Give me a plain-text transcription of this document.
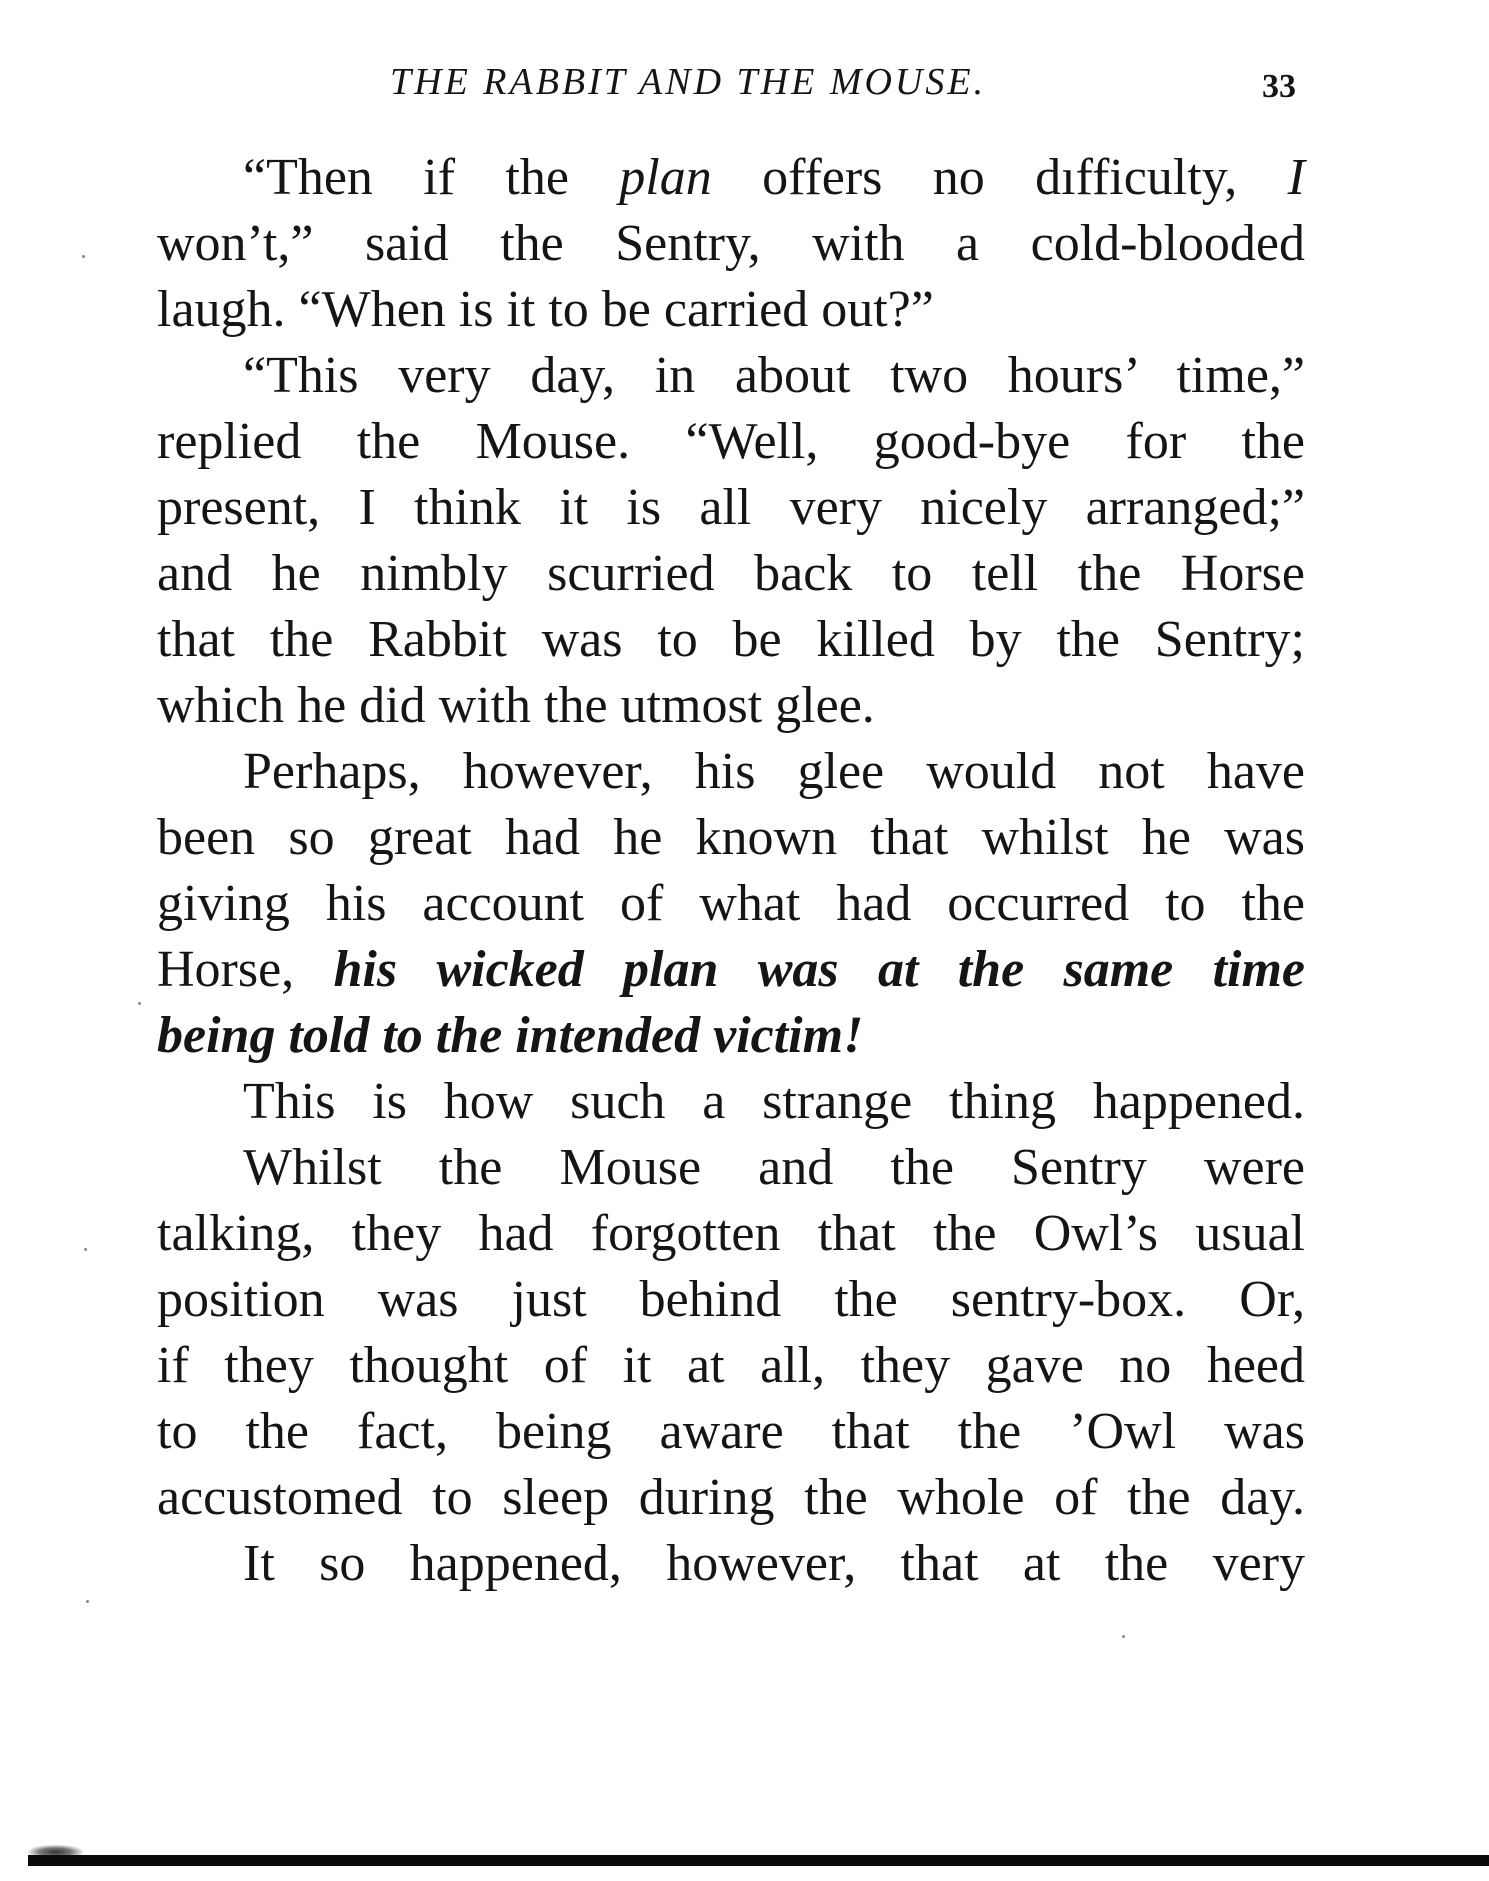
THE RABBIT AND THE MOUSE.	33
“Then if the plan offers no dıfficulty, I
won’t,” said the Sentry, with a cold-blooded
laugh. “When is it to be carried out?”
“This very day, in about two hours’ time,”
replied the Mouse. “Well, good-bye for the
present, I think it is all very nicely arranged;”
and he nimbly scurried back to tell the Horse
that the Rabbit was to be killed by the Sentry;
which he did with the utmost glee.
Perhaps, however, his glee would not have
been so great had he known that whilst he was
giving his account of what had occurred to the
Horse, his wicked plan was at the same time
being told to the intended victim!
This is how such a strange thing happened.
Whilst the Mouse and the Sentry were
talking, they had forgotten that the Owl’s usual
position was just behind the sentry-box. Or,
if they thought of it at all, they gave no heed
to the fact, being aware that the ’Owl was
accustomed to sleep during the whole of the day.
It so happened, however, that at the very
